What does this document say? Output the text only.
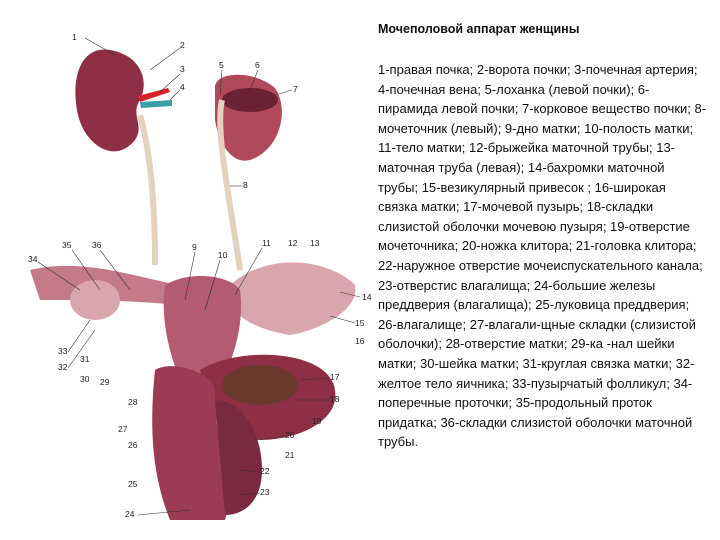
1
2
3
4
5	6
7
8
9
10
11 12 13
14
15
16
17
18
19
20
21
22
23
24
25
26
27
28
29
30
31
32
33
34
35 36
Мочеполовой аппарат женщины
1-правая почка; 2-ворота почки; 3-почечная артерия; 4-почечная вена; 5-лоханка (левой почки); 6-пирамида левой почки; 7-корковое вещество почки; 8-мочеточник (левый); 9-дно матки; 10-полость матки; 11-тело матки; 12-брыжейка маточной трубы; 13-маточная труба (левая); 14-бахромки маточной трубы; 15-везикулярный привесок ; 16-широкая связка матки; 17-мочевой пузырь; 18-складки слизистой оболочки мочевою пузыря; 19-отверстие мочеточника; 20-ножка клитора; 21-головка клитора; 22-наружное отверстие мочеиспускательного канала; 23-отверстис влагалища; 24-большие железы преддверия (влагалища); 25-луковица преддверия; 26-влагалище; 27-влагали-щные складки (слизистой оболочки); 28-отверстие матки; 29-ка -нал шейки матки; 30-шейка матки; 31-круглая связка матки; 32-желтое тело яичника; 33-пузырчатый фолликул; 34-поперечные проточки; 35-продольный проток придатка; 36-складки слизистой оболочки маточной трубы.
